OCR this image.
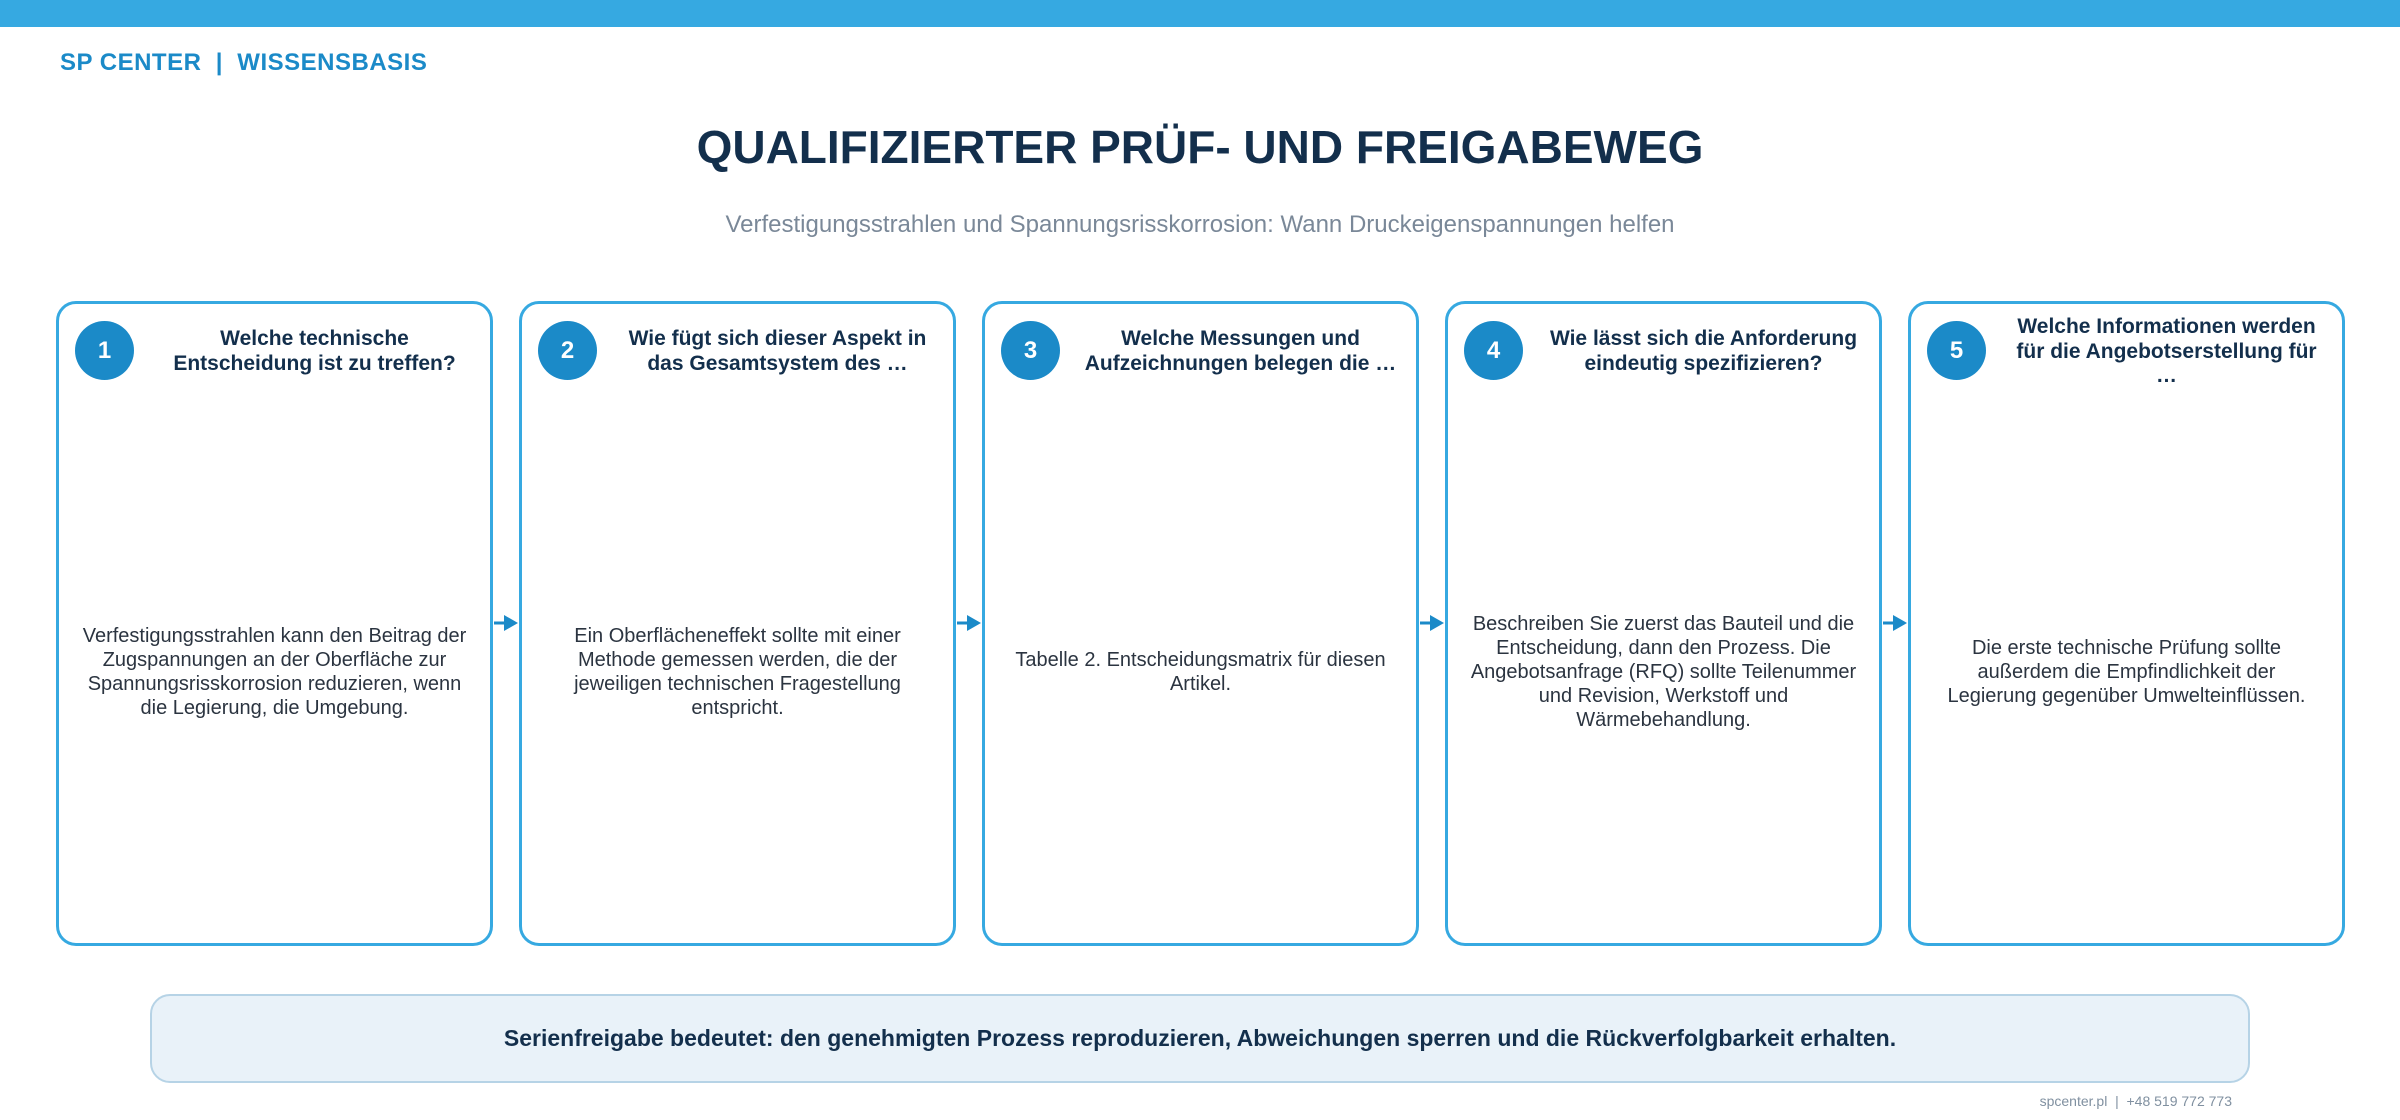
SP CENTER  |  WISSENSBASIS
QUALIFIZIERTER PRÜF- UND FREIGABEWEG
Verfestigungsstrahlen und Spannungsrisskorrosion: Wann Druckeigenspannungen helfen
1	Welche technische Entscheidung ist zu treffen?
Verfestigungsstrahlen kann den Beitrag der Zugspannungen an der Oberfläche zur Spannungsrisskorrosion reduzieren, wenn die Legierung, die Umgebung.
2	Wie fügt sich dieser Aspekt in das Gesamtsystem des …
Ein Oberflächeneffekt sollte mit einer Methode gemessen werden, die der jeweiligen technischen Fragestellung entspricht.
3	Welche Messungen und Aufzeichnungen belegen die …
Tabelle 2. Entscheidungsmatrix für diesen Artikel.
4	Wie lässt sich die Anforderung eindeutig spezifizieren?
Beschreiben Sie zuerst das Bauteil und die Entscheidung, dann den Prozess. Die Angebotsanfrage (RFQ) sollte Teilenummer und Revision, Werkstoff und Wärmebehandlung.
5
Welche Informationen werden für die Angebotserstellung für …
Die erste technische Prüfung sollte außerdem die Empfindlichkeit der Legierung gegenüber Umwelteinflüssen.
Serienfreigabe bedeutet: den genehmigten Prozess reproduzieren, Abweichungen sperren und die Rückverfolgbarkeit erhalten.
spcenter.pl  |  +48 519 772 773
